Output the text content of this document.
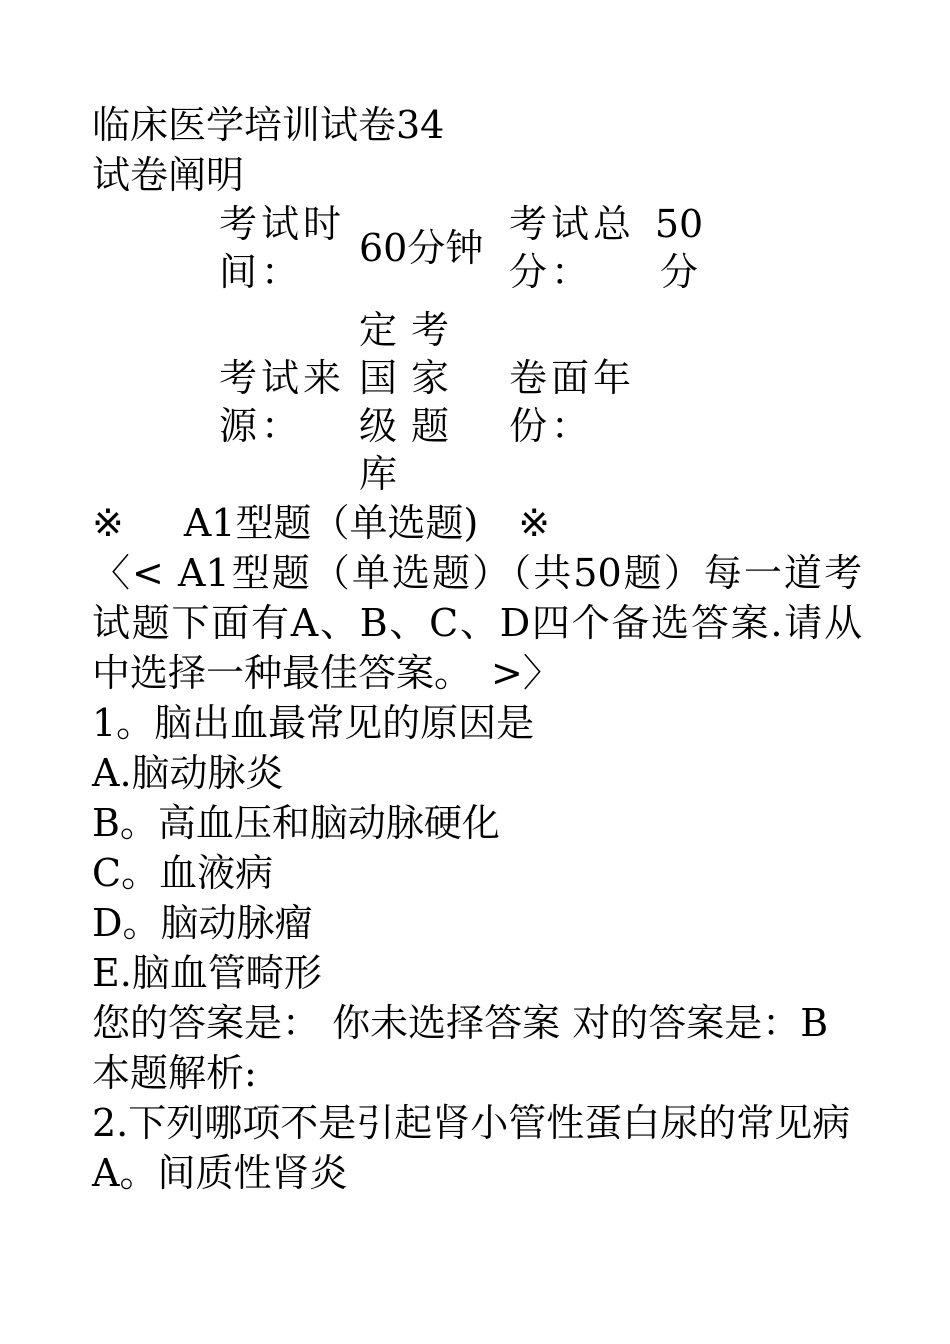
临床医学培训试卷34
试卷阐明
考试时间：	60分钟	考试总分：	50分
考试来源：	定考国家级题库	卷面年份：	
※ A1型题（单选题) ※
〈< A1型题（单选题）（共50题）每一道考试题下面有A、B、C、D四个备选答案.请从中选择一种最佳答案。　>〉
1。脑出血最常见的原因是
A.脑动脉炎
B。高血压和脑动脉硬化
C。血液病
D。脑动脉瘤
E.脑血管畸形
您的答案是： 你未选择答案 对的答案是：B
本题解析:
2.下列哪项不是引起肾小管性蛋白尿的常见病
A。间质性肾炎
